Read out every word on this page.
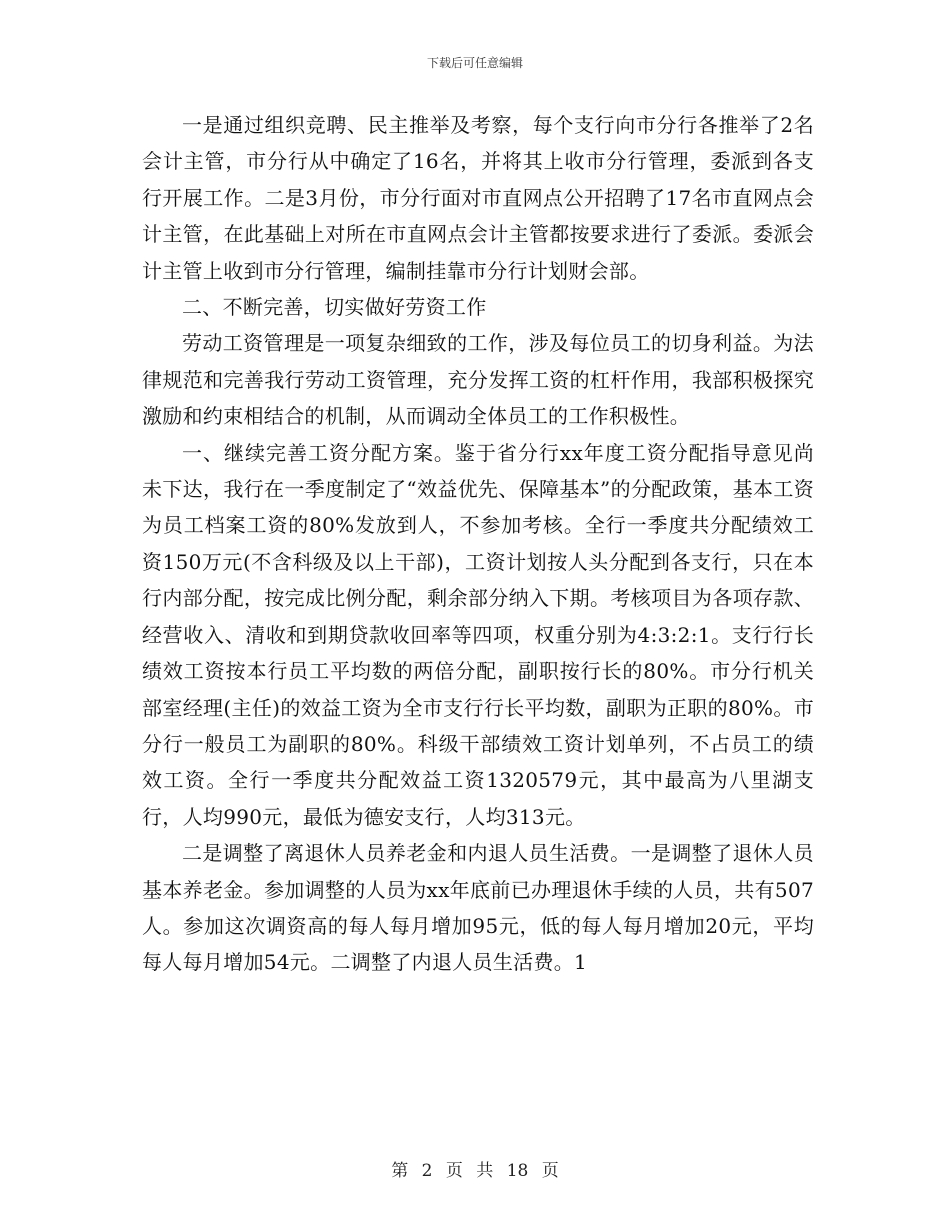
下载后可任意编辑

一是通过组织竞聘、民主推举及考察，每个支行向市分行各推举了2名会计主管，市分行从中确定了16名，并将其上收市分行管理，委派到各支行开展工作。二是3月份，市分行面对市直网点公开招聘了17名市直网点会计主管，在此基础上对所在市直网点会计主管都按要求进行了委派。委派会计主管上收到市分行管理，编制挂靠市分行计划财会部。

二、不断完善，切实做好劳资工作

劳动工资管理是一项复杂细致的工作，涉及每位员工的切身利益。为法律规范和完善我行劳动工资管理，充分发挥工资的杠杆作用，我部积极探究激励和约束相结合的机制，从而调动全体员工的工作积极性。

一、继续完善工资分配方案。鉴于省分行xx年度工资分配指导意见尚未下达，我行在一季度制定了“效益优先、保障基本”的分配政策，基本工资为员工档案工资的80%发放到人，不参加考核。全行一季度共分配绩效工资150万元(不含科级及以上干部)，工资计划按人头分配到各支行，只在本行内部分配，按完成比例分配，剩余部分纳入下期。考核项目为各项存款、经营收入、清收和到期贷款收回率等四项，权重分别为4:3:2:1。支行行长绩效工资按本行员工平均数的两倍分配，副职按行长的80%。市分行机关部室经理(主任)的效益工资为全市支行行长平均数，副职为正职的80%。市分行一般员工为副职的80%。科级干部绩效工资计划单列，不占员工的绩效工资。全行一季度共分配效益工资1320579元，其中最高为八里湖支行，人均990元，最低为德安支行，人均313元。

二是调整了离退休人员养老金和内退人员生活费。一是调整了退休人员基本养老金。参加调整的人员为xx年底前已办理退休手续的人员，共有507人。参加这次调资高的每人每月增加95元，低的每人每月增加20元，平均每人每月增加54元。二调整了内退人员生活费。1

第 2 页 共 18 页
